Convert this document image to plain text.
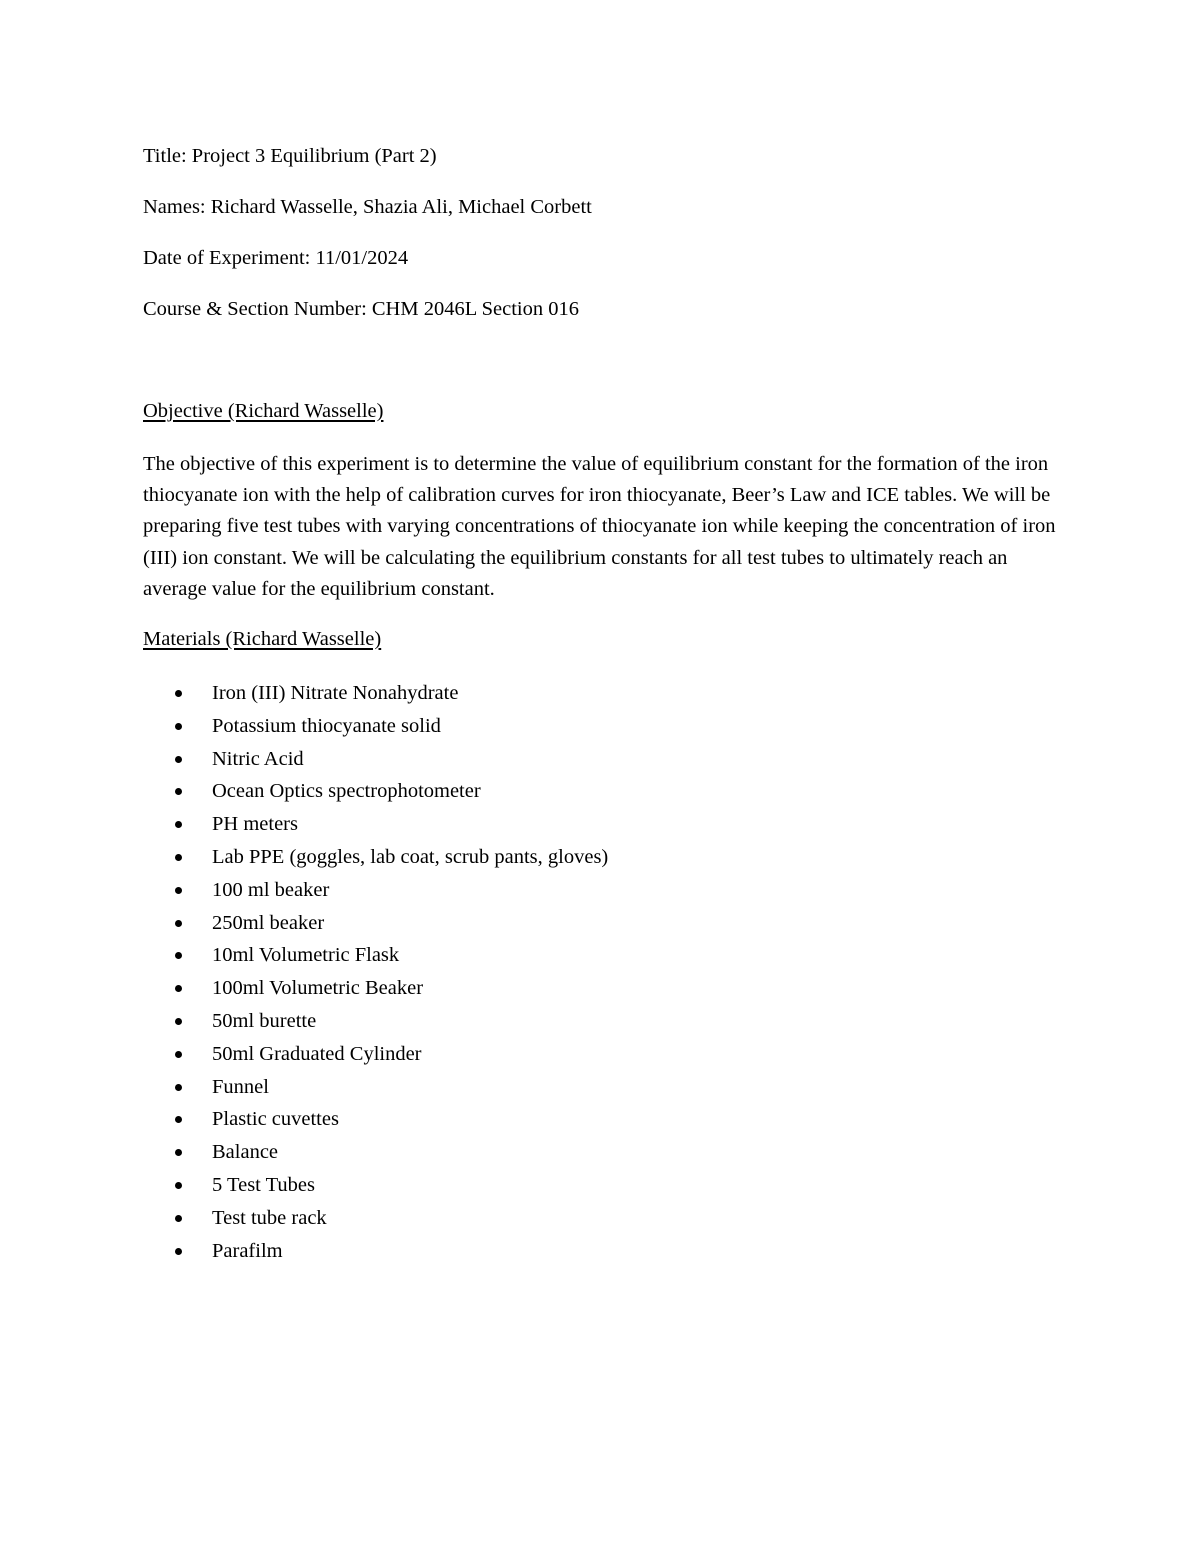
Title: Project 3 Equilibrium (Part 2)

Names: Richard Wasselle, Shazia Ali, Michael Corbett

Date of Experiment: 11/01/2024

Course & Section Number: CHM 2046L Section 016

Objective (Richard Wasselle)

The objective of this experiment is to determine the value of equilibrium constant for the formation of the iron thiocyanate ion with the help of calibration curves for iron thiocyanate, Beer’s Law and ICE tables. We will be preparing five test tubes with varying concentrations of thiocyanate ion while keeping the concentration of iron (III) ion constant. We will be calculating the equilibrium constants for all test tubes to ultimately reach an average value for the equilibrium constant.

Materials (Richard Wasselle)

Iron (III) Nitrate Nonahydrate
Potassium thiocyanate solid
Nitric Acid
Ocean Optics spectrophotometer
PH meters
Lab PPE (goggles, lab coat, scrub pants, gloves)
100 ml beaker
250ml beaker
10ml Volumetric Flask
100ml Volumetric Beaker
50ml burette
50ml Graduated Cylinder
Funnel
Plastic cuvettes
Balance
5 Test Tubes
Test tube rack
Parafilm
